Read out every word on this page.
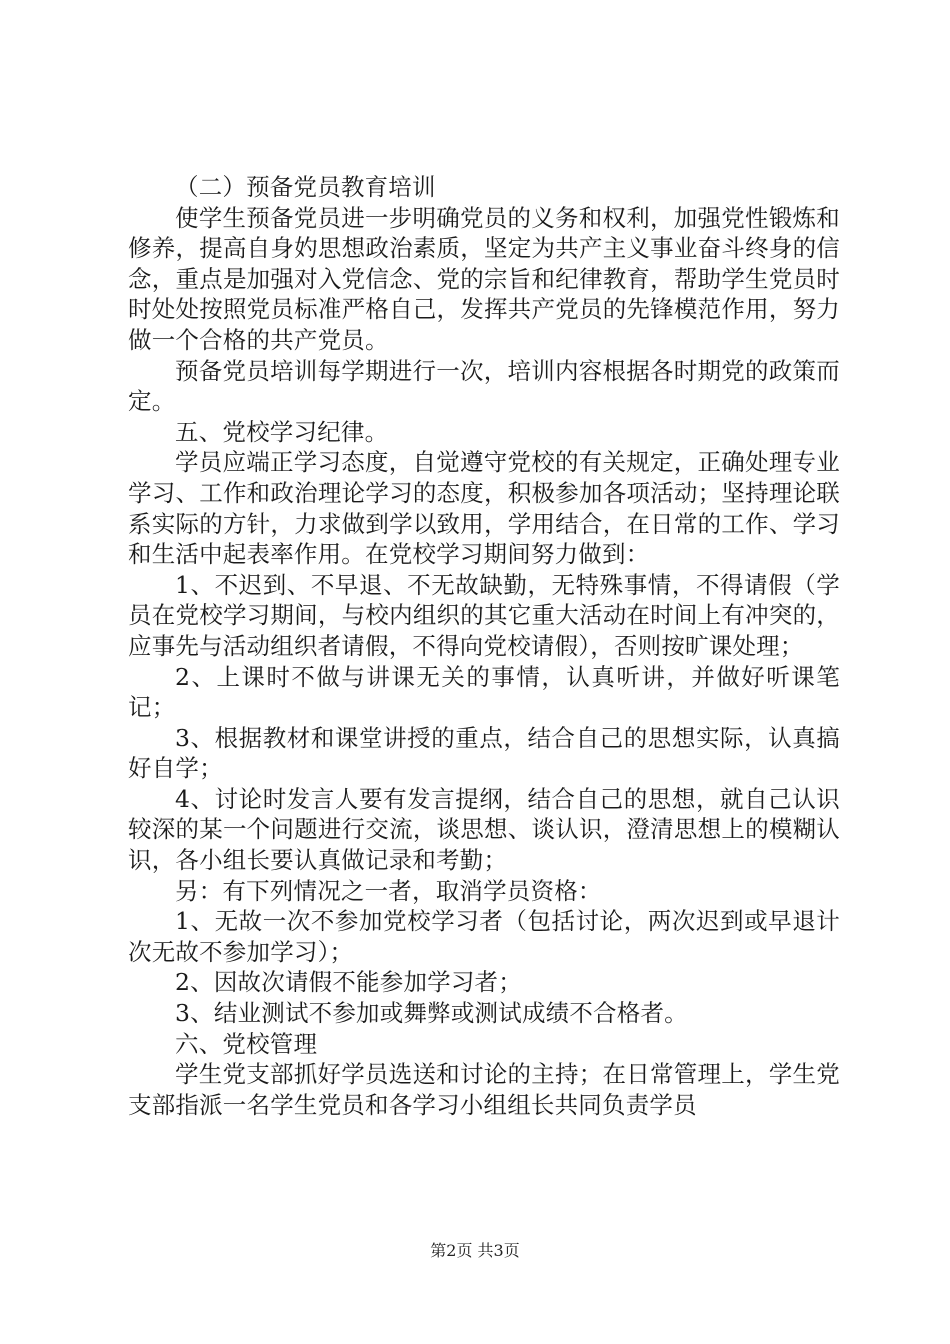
（二）预备党员教育培训

使学生预备党员进一步明确党员的义务和权利，加强党性锻炼和修养，提高自身妁思想政治素质，坚定为共产主义事业奋斗终身的信念，重点是加强对入党信念、党的宗旨和纪律教育，帮助学生党员时时处处按照党员标准严格自己，发挥共产党员的先锋模范作用，努力做一个合格的共产党员。

预备党员培训每学期进行一次，培训内容根据各时期党的政策而定。

五、党校学习纪律。

学员应端正学习态度，自觉遵守党校的有关规定，正确处理专业学习、工作和政治理论学习的态度，积极参加各项活动；坚持理论联系实际的方针，力求做到学以致用，学用结合，在日常的工作、学习和生活中起表率作用。在党校学习期间努力做到：

1、不迟到、不早退、不无故缺勤，无特殊事情，不得请假（学员在党校学习期间，与校内组织的其它重大活动在时间上有冲突的，应事先与活动组织者请假，不得向党校请假），否则按旷课处理；

2、上课时不做与讲课无关的事情，认真听讲，并做好听课笔记；

3、根据教材和课堂讲授的重点，结合自己的思想实际，认真搞好自学；

4、讨论时发言人要有发言提纲，结合自己的思想，就自己认识较深的某一个问题进行交流，谈思想、谈认识，澄清思想上的模糊认识，各小组长要认真做记录和考勤；

另：有下列情况之一者，取消学员资格：

1、无故一次不参加党校学习者（包括讨论，两次迟到或早退计次无故不参加学习）；

2、因故次请假不能参加学习者；

3、结业测试不参加或舞弊或测试成绩不合格者。

六、党校管理

学生党支部抓好学员选送和讨论的主持；在日常管理上，学生党支部指派一名学生党员和各学习小组组长共同负责学员

第2页 共3页
